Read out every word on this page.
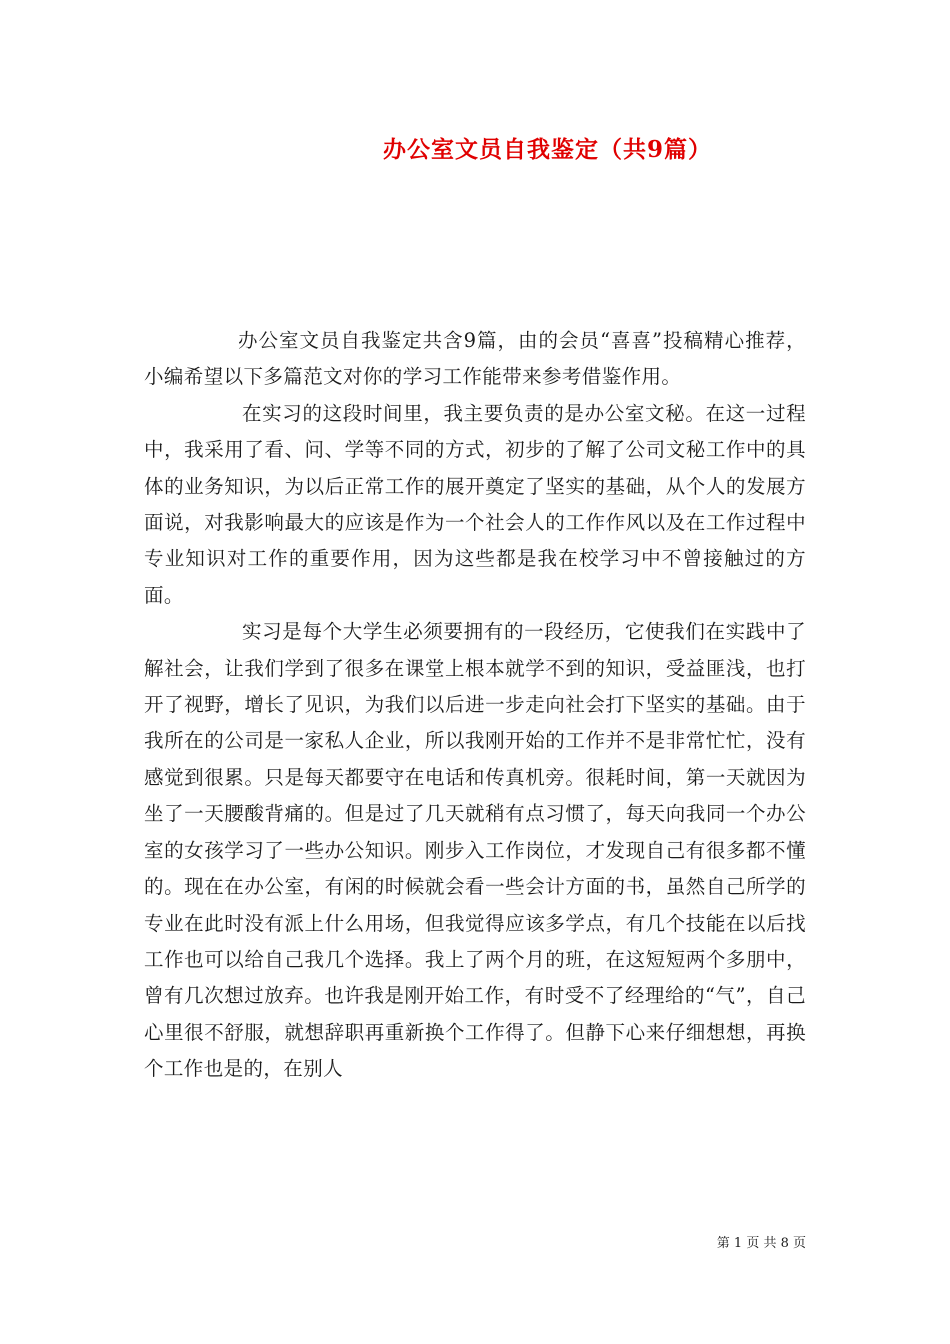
办公室文员自我鉴定（共9篇）

办公室文员自我鉴定共含9篇，由的会员“喜喜”投稿精心推荐，小编希望以下多篇范文对你的学习工作能带来参考借鉴作用。

在实习的这段时间里，我主要负责的是办公室文秘。在这一过程中，我采用了看、问、学等不同的方式，初步的了解了公司文秘工作中的具体的业务知识，为以后正常工作的展开奠定了坚实的基础，从个人的发展方面说，对我影响最大的应该是作为一个社会人的工作作风以及在工作过程中专业知识对工作的重要作用，因为这些都是我在校学习中不曾接触过的方面。

实习是每个大学生必须要拥有的一段经历，它使我们在实践中了解社会，让我们学到了很多在课堂上根本就学不到的知识，受益匪浅，也打开了视野，增长了见识，为我们以后进一步走向社会打下坚实的基础。由于我所在的公司是一家私人企业，所以我刚开始的工作并不是非常忙忙，没有感觉到很累。只是每天都要守在电话和传真机旁。很耗时间，第一天就因为坐了一天腰酸背痛的。但是过了几天就稍有点习惯了，每天向我同一个办公室的女孩学习了一些办公知识。刚步入工作岗位，才发现自己有很多都不懂的。现在在办公室，有闲的时候就会看一些会计方面的书，虽然自己所学的专业在此时没有派上什么用场，但我觉得应该多学点，有几个技能在以后找工作也可以给自己我几个选择。我上了两个月的班，在这短短两个多朋中，曾有几次想过放弃。也许我是刚开始工作，有时受不了经理给的“气”，自己心里很不舒服，就想辞职再重新换个工作得了。但静下心来仔细想想，再换个工作也是的，在别人

第 1 页 共 8 页
